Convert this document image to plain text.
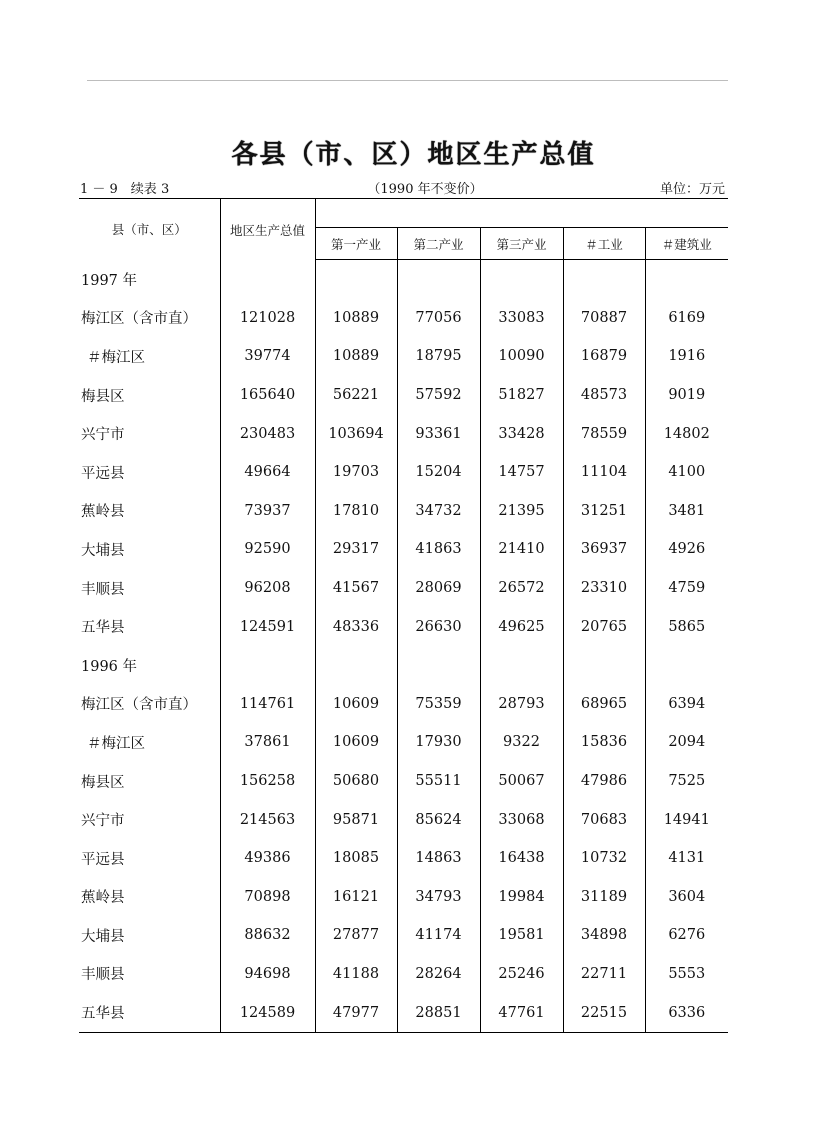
各县（市、区）地区生产总值
1 － 9　续表 3	（1990 年不变价）	单位：万元
县（市、区）	地区生产总值					
		第一产业	第二产业	第三产业	＃工业	＃建筑业
1997 年						
梅江区（含市直）	121028	10889	77056	33083	70887	6169
＃梅江区	39774	10889	18795	10090	16879	1916
梅县区	165640	56221	57592	51827	48573	9019
兴宁市	230483	103694	93361	33428	78559	14802
平远县	49664	19703	15204	14757	11104	4100
蕉岭县	73937	17810	34732	21395	31251	3481
大埔县	92590	29317	41863	21410	36937	4926
丰顺县	96208	41567	28069	26572	23310	4759
五华县	124591	48336	26630	49625	20765	5865
1996 年						
梅江区（含市直）	114761	10609	75359	28793	68965	6394
＃梅江区	37861	10609	17930	9322	15836	2094
梅县区	156258	50680	55511	50067	47986	7525
兴宁市	214563	95871	85624	33068	70683	14941
平远县	49386	18085	14863	16438	10732	4131
蕉岭县	70898	16121	34793	19984	31189	3604
大埔县	88632	27877	41174	19581	34898	6276
丰顺县	94698	41188	28264	25246	22711	5553
五华县	124589	47977	28851	47761	22515	6336
